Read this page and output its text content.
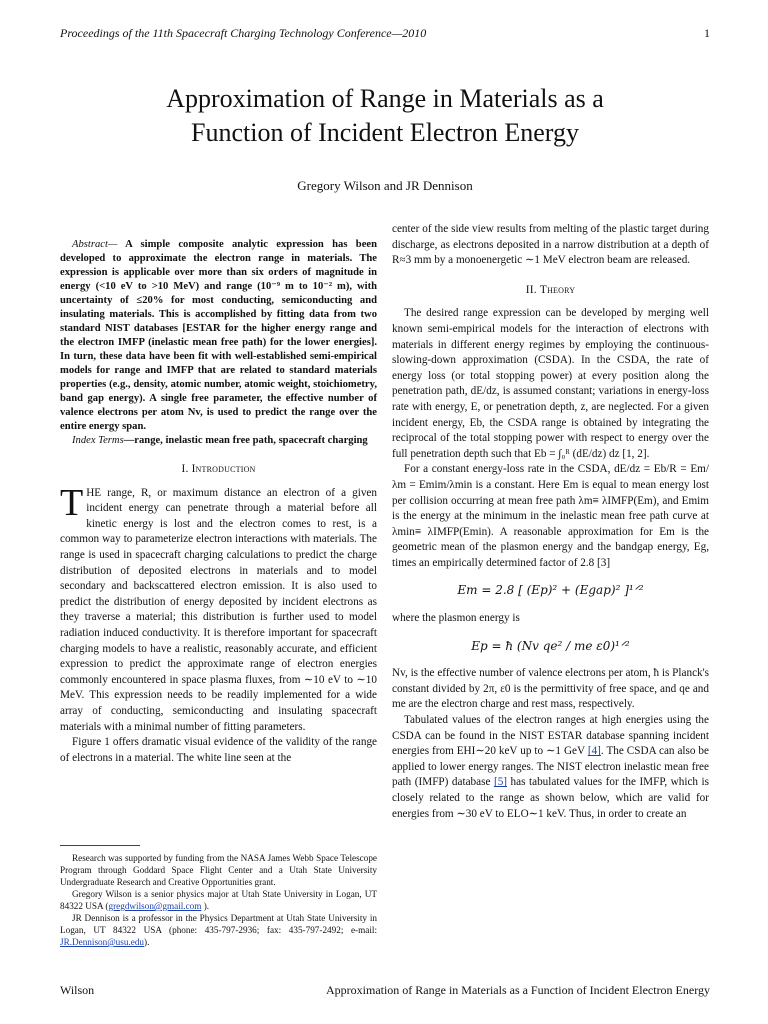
Proceedings of the 11th Spacecraft Charging Technology Conference—2010	1
Approximation of Range in Materials as a
Function of Incident Electron Energy
Gregory Wilson and JR Dennison

Abstract— A simple composite analytic expression has been developed to approximate the electron range in materials. The expression is applicable over more than six orders of magnitude in energy (<10 eV to >10 MeV) and range (10⁻⁹ m to 10⁻² m), with uncertainty of ≤20% for most conducting, semiconducting and insulating materials. This is accomplished by fitting data from two standard NIST databases [ESTAR for the higher energy range and the electron IMFP (inelastic mean free path) for the lower energies]. In turn, these data have been fit with well-established semi-empirical models for range and IMFP that are related to standard materials properties (e.g., density, atomic number, atomic weight, stoichiometry, band gap energy). A single free parameter, the effective number of valence electrons per atom Nv, is used to predict the range over the entire energy span.

Index Terms—range, inelastic mean free path, spacecraft charging

I. Introduction

THE range, R, or maximum distance an electron of a given incident energy can penetrate through a material before all kinetic energy is lost and the electron comes to rest, is a common way to parameterize electron interactions with materials. The range is used in spacecraft charging calculations to predict the charge distribution of deposited electrons in materials and to model secondary and backscattered electron emission. It is also used to predict the distribution of energy deposited by incident electrons as they traverse a material; this distribution is further used to model radiation induced conductivity. It is therefore important for spacecraft charging models to have a realistic, reasonably accurate, and efficient expression to predict the approximate range of electron energies commonly encountered in space plasma fluxes, from ∼10 eV to ∼10 MeV. This expression needs to be readily implemented for a wide array of conducting, semiconducting and insulating spacecraft materials with a minimal number of fitting parameters.

Figure 1 offers dramatic visual evidence of the validity of the range of electrons in a material. The white line seen at the

Research was supported by funding from the NASA James Webb Space Telescope Program through Goddard Space Flight Center and a Utah State University Undergraduate Research and Creative Opportunities grant.

Gregory Wilson is a senior physics major at Utah State University in Logan, UT 84322 USA (gregdwilson@gmail.com ).

JR Dennison is a professor in the Physics Department at Utah State University in Logan, UT 84322 USA (phone: 435-797-2936; fax: 435-797-2492; e-mail: JR.Dennison@usu.edu).

center of the side view results from melting of the plastic target during discharge, as electrons deposited in a narrow distribution at a depth of R≈3 mm by a monoenergetic ∼1 MeV electron beam are released.

II. Theory

The desired range expression can be developed by merging well known semi-empirical models for the interaction of electrons with materials in different energy regimes by employing the continuous-slowing-down approximation (CSDA). In the CSDA, the rate of energy loss (or total stopping power) at every position along the penetration path, dE/dz, is assumed constant; variations in energy-loss rate with energy, E, or penetration depth, z, are neglected. For a given incident energy, Eb, the CSDA range is obtained by integrating the reciprocal of the total stopping power with respect to energy over the full penetration depth such that Eb = ∫₀ᴿ (dE/dz) dz [1, 2].

For a constant energy-loss rate in the CSDA, dE/dz = Eb/R = Em/λm = Emim/λmin is a constant. Here Em is equal to mean energy lost per collision occurring at mean free path λm≡ λIMFP(Em), and Emim is the energy at the minimum in the inelastic mean free path curve at λmin≡ λIMFP(Emin). A reasonable approximation for Em is the geometric mean of the plasmon energy and the bandgap energy, Eg, times an empirically determined factor of 2.8 [3]

Em = 2.8 [ (Ep)² + (Egap)² ]¹ᐟ²

where the plasmon energy is

Ep = ħ (Nv qe² / me ε0)¹ᐟ²

Nv, is the effective number of valence electrons per atom, ħ is Planck's constant divided by 2π, ε0 is the permittivity of free space, and qe and me are the electron charge and rest mass, respectively.

Tabulated values of the electron ranges at high energies using the CSDA can be found in the NIST ESTAR database spanning incident energies from EHI∼20 keV up to ∼1 GeV [4]. The CSDA can also be applied to lower energy ranges. The NIST electron inelastic mean free path (IMFP) database [5] has tabulated values for the IMFP, which is closely related to the range as shown below, which are valid for energies from ∼30 eV to ELO∼1 keV. Thus, in order to create an

Wilson	Approximation of Range in Materials as a Function of Incident Electron Energy
